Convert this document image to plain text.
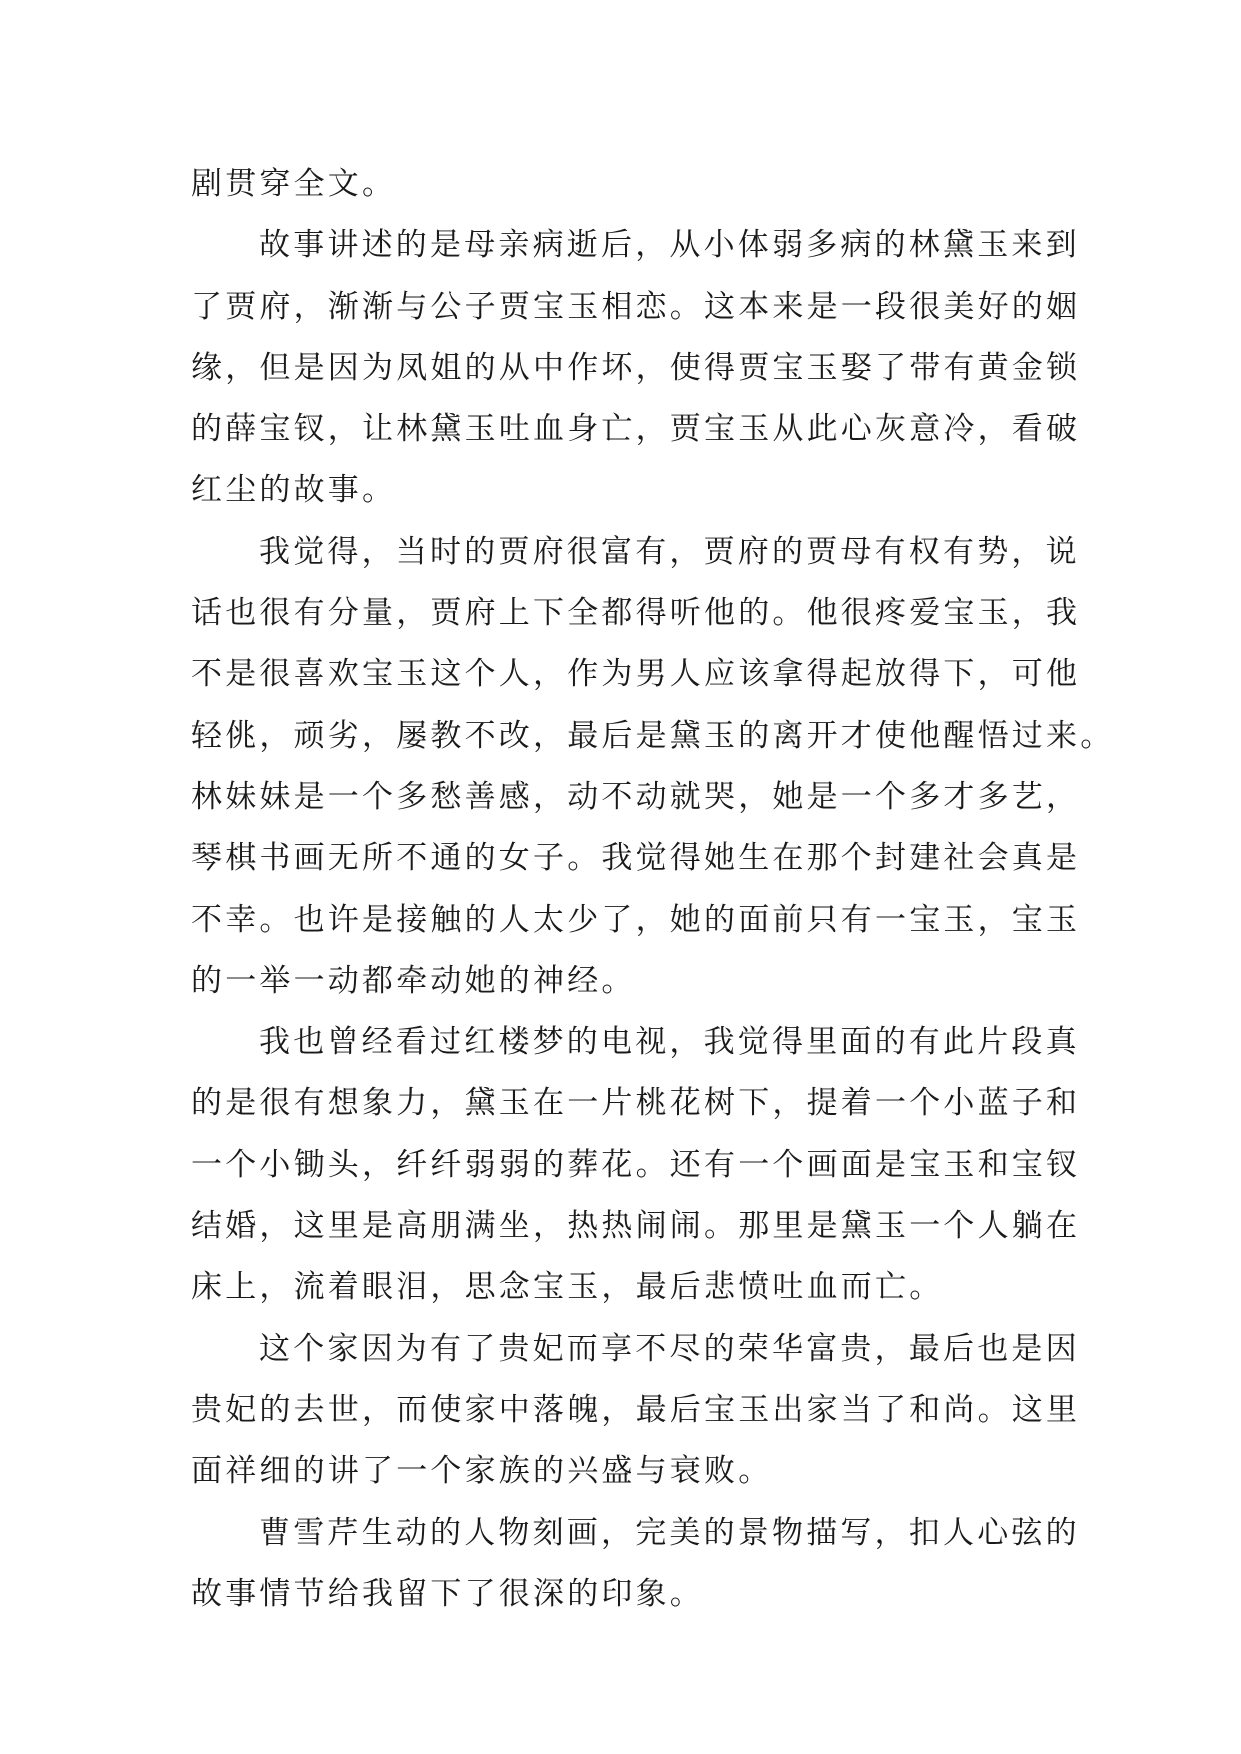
剧贯穿全文。
故事讲述的是母亲病逝后，从小体弱多病的林黛玉来到
了贾府，渐渐与公子贾宝玉相恋。这本来是一段很美好的姻
缘，但是因为凤姐的从中作坏，使得贾宝玉娶了带有黄金锁
的薛宝钗，让林黛玉吐血身亡，贾宝玉从此心灰意冷，看破
红尘的故事。
我觉得，当时的贾府很富有，贾府的贾母有权有势，说
话也很有分量，贾府上下全都得听他的。他很疼爱宝玉，我
不是很喜欢宝玉这个人，作为男人应该拿得起放得下，可他
轻佻，顽劣，屡教不改，最后是黛玉的离开才使他醒悟过来。
林妹妹是一个多愁善感，动不动就哭，她是一个多才多艺，
琴棋书画无所不通的女子。我觉得她生在那个封建社会真是
不幸。也许是接触的人太少了，她的面前只有一宝玉，宝玉
的一举一动都牵动她的神经。
我也曾经看过红楼梦的电视，我觉得里面的有此片段真
的是很有想象力，黛玉在一片桃花树下，提着一个小蓝子和
一个小锄头，纤纤弱弱的葬花。还有一个画面是宝玉和宝钗
结婚，这里是高朋满坐，热热闹闹。那里是黛玉一个人躺在
床上，流着眼泪，思念宝玉，最后悲愤吐血而亡。
这个家因为有了贵妃而享不尽的荣华富贵，最后也是因
贵妃的去世，而使家中落魄，最后宝玉出家当了和尚。这里
面祥细的讲了一个家族的兴盛与衰败。
曹雪芹生动的人物刻画，完美的景物描写，扣人心弦的
故事情节给我留下了很深的印象。
